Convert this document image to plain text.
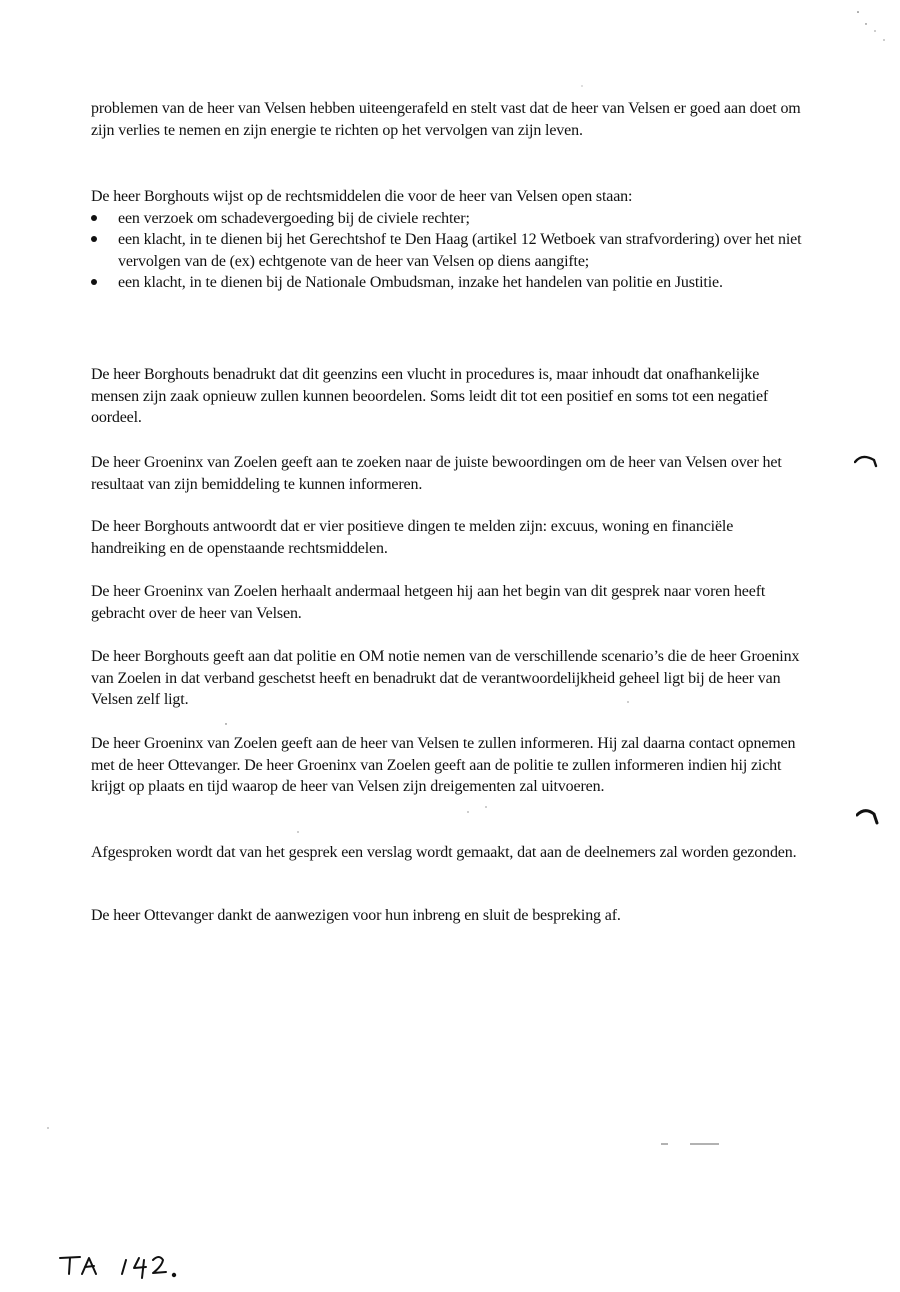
problemen van de heer van Velsen hebben uiteengerafeld en stelt vast dat de heer van Velsen er goed aan doet om zijn verlies te nemen en zijn energie te richten op het vervolgen van zijn leven.

De heer Borghouts wijst op de rechtsmiddelen die voor de heer van Velsen open staan:

een verzoek om schadevergoeding bij de civiele rechter;
een klacht, in te dienen bij het Gerechtshof te Den Haag (artikel 12 Wetboek van strafvordering) over het niet vervolgen van de (ex) echtgenote van de heer van Velsen op diens aangifte;
een klacht, in te dienen bij de Nationale Ombudsman, inzake het handelen van politie en Justitie.

De heer Borghouts benadrukt dat dit geenzins een vlucht in procedures is, maar inhoudt dat onafhankelijke mensen zijn zaak opnieuw zullen kunnen beoordelen. Soms leidt dit tot een positief en soms tot een negatief oordeel.

De heer Groeninx van Zoelen geeft aan te zoeken naar de juiste bewoordingen om de heer van Velsen over het resultaat van zijn bemiddeling te kunnen informeren.

De heer Borghouts antwoordt dat er vier positieve dingen te melden zijn: excuus, woning en financiële handreiking en de openstaande rechtsmiddelen.

De heer Groeninx van Zoelen herhaalt andermaal hetgeen hij aan het begin van dit gesprek naar voren heeft gebracht over de heer van Velsen.

De heer Borghouts geeft aan dat politie en OM notie nemen van de verschillende scenario’s die de heer Groeninx van Zoelen in dat verband geschetst heeft en benadrukt dat de verantwoordelijkheid geheel ligt bij de heer van Velsen zelf ligt.

De heer Groeninx van Zoelen geeft aan de heer van Velsen te zullen informeren. Hij zal daarna contact opnemen met de heer Ottevanger. De heer Groeninx van Zoelen geeft aan de politie te zullen informeren indien hij zicht krijgt op plaats en tijd waarop de heer van Velsen zijn dreigementen zal uitvoeren.

Afgesproken wordt dat van het gesprek een verslag wordt gemaakt, dat aan de deelnemers zal worden gezonden.

De heer Ottevanger dankt de aanwezigen voor hun inbreng en sluit de bespreking af.
